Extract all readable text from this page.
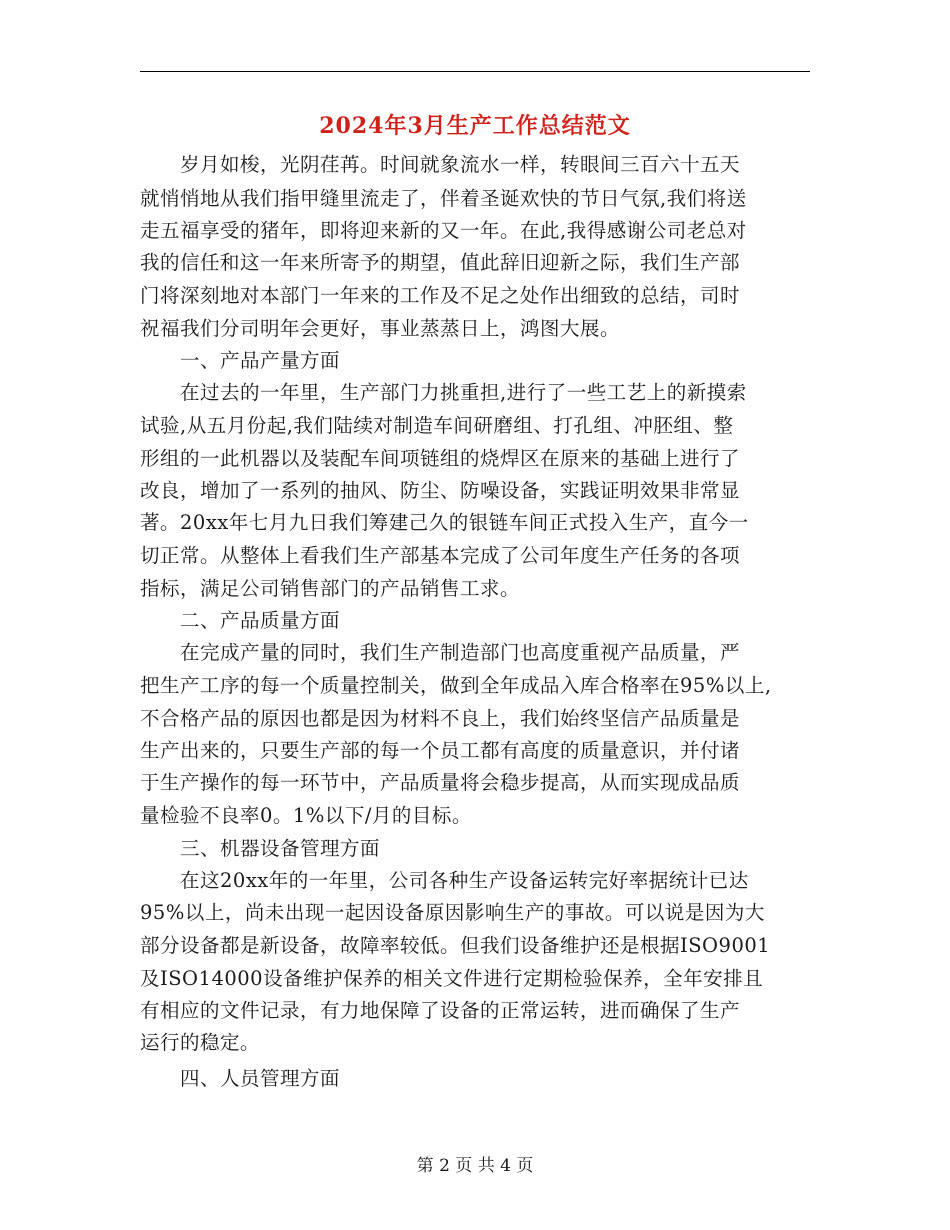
2024年3月生产工作总结范文
　　岁月如梭，光阴荏苒。时间就象流水一样，转眼间三百六十五天
就悄悄地从我们指甲缝里流走了，伴着圣诞欢快的节日气氛,我们将送
走五福享受的猪年，即将迎来新的又一年。在此,我得感谢公司老总对
我的信任和这一年来所寄予的期望，值此辞旧迎新之际，我们生产部
门将深刻地对本部门一年来的工作及不足之处作出细致的总结，司时
祝福我们分司明年会更好，事业蒸蒸日上，鸿图大展。
　　一、产品产量方面
　　在过去的一年里，生产部门力挑重担,进行了一些工艺上的新摸索
试验,从五月份起,我们陆续对制造车间研磨组、打孔组、冲胚组、整
形组的一此机器以及装配车间项链组的烧焊区在原来的基础上进行了
改良，增加了一系列的抽风、防尘、防噪设备，实践证明效果非常显
著。20xx年七月九日我们筹建己久的银链车间正式投入生产，直今一
切正常。从整体上看我们生产部基本完成了公司年度生产任务的各项
指标，满足公司销售部门的产品销售工求。
　　二、产品质量方面
　　在完成产量的同时，我们生产制造部门也高度重视产品质量，严
把生产工序的每一个质量控制关，做到全年成品入库合格率在95%以上,
不合格产品的原因也都是因为材料不良上，我们始终坚信产品质量是
生产出来的，只要生产部的每一个员工都有高度的质量意识，并付诸
于生产操作的每一环节中，产品质量将会稳步提高，从而实现成品质
量检验不良率0。1%以下/月的目标。
　　三、机器设备管理方面
　　在这20xx年的一年里，公司各种生产设备运转完好率据统计已达
95%以上，尚未出现一起因设备原因影响生产的事故。可以说是因为大
部分设备都是新设备，故障率较低。但我们设备维护还是根据ISO9001
及ISO14000设备维护保养的相关文件进行定期检验保养，全年安排且
有相应的文件记录，有力地保障了设备的正常运转，进而确保了生产
运行的稳定。
　　四、人员管理方面
第 2 页 共 4 页
